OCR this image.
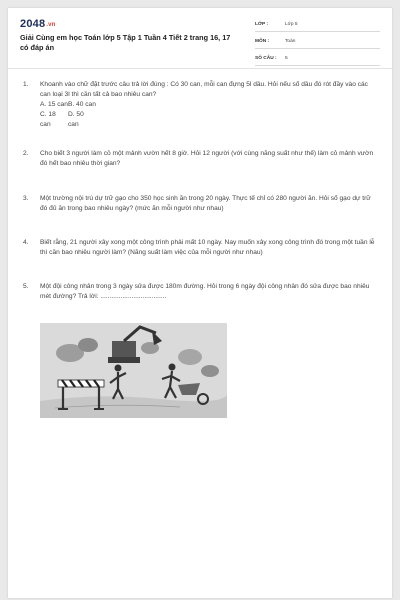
2048.vn
Giải Cùng em học Toán lớp 5 Tập 1 Tuần 4 Tiết 2 trang 16, 17 có đáp án
LỚP :	Lớp 5
MÔN :	Toán
SỐ CÂU :	5
1.	Khoanh vào chữ đặt trước câu trả lời đúng : Có 30 can, mỗi can đựng 5l dầu. Hỏi nếu số dầu đó rót đầy vào các can loại 3l thì cần tất cả bao nhiêu can?
A. 15 can B. 40 can
C. 18 can
D. 50 can
2.	Cho biết 3 người làm cỏ một mảnh vườn hết 8 giờ. Hỏi 12 người (với cùng năng suất như thế) làm cỏ mảnh vườn đó hết bao nhiêu thời gian?
3.	Một trường nội trú dự trữ gạo cho 350 học sinh ăn trong 20 ngày. Thực tế chỉ có 280 người ăn. Hỏi số gạo dự trữ đó đủ ăn trong bao nhiêu ngày? (mức ăn mỗi người như nhau)
4.	Biết rằng, 21 người xây xong một công trình phải mất 10 ngày. Nay muốn xây xong công trình đó trong một tuần lễ thì cần bao nhiêu người làm? (Năng suất làm việc của mỗi người như nhau)
5.	Một đội công nhân trong 3 ngày sửa được 180m đường. Hỏi trong 6 ngày đội công nhân đó sửa được bao nhiêu mét đường? Trả lời: ....................................
